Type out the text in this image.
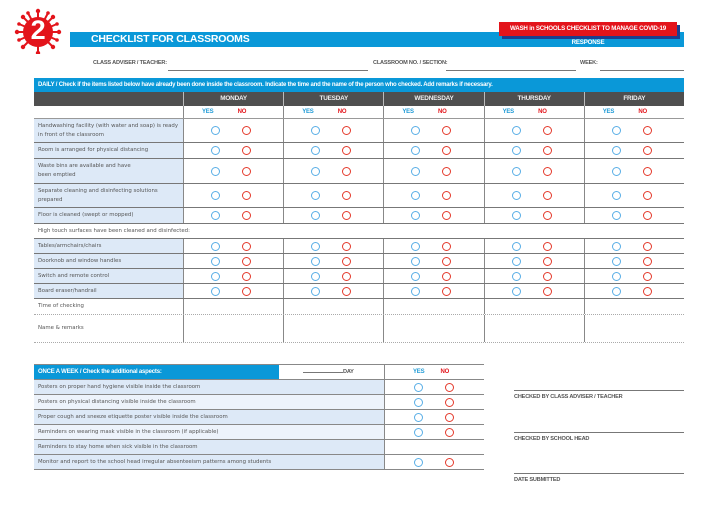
2	CHECKLIST FOR CLASSROOMS
WASH in SCHOOLS CHECKLIST TO MANAGE COVID-19 RESPONSE
CLASS ADVISER / TEACHER:	CLASSROOM NO. / SECTION:	WEEK:
DAILY / Check if the items listed below have already been done inside the classroom. Indicate the time and the name of the person who checked. Add remarks if necessary.
MONDAY	TUESDAY	WEDNESDAY	THURSDAY	FRIDAY
YES	NO	YES	NO	YES	NO	YES	NO	YES	NO
Handwashing facility (with water and soap) is ready in front of the classroom
Room is arranged for physical distancing
Waste bins are available and have been emptied
Separate cleaning and disinfecting solutions prepared
Floor is cleaned (swept or mopped)
High touch surfaces have been cleaned and disinfected:
Tables/armchairs/chairs
Doorknob and window handles
Switch and remote control
Board eraser/handrail
Time of checking
Name & remarks
ONCE A WEEK / Check the additional aspects:	DAY	YES	NO
Posters on proper hand hygiene visible inside the classroom
Posters on physical distancing visible inside the classroom
Proper cough and sneeze etiquette poster visible inside the classroom
Reminders on wearing mask visible in the classroom (if applicable)
Reminders to stay home when sick visible in the classroom
Monitor and report to the school head irregular absenteeism patterns among students
CHECKED BY CLASS ADVISER / TEACHER
CHECKED BY SCHOOL HEAD
DATE SUBMITTED
